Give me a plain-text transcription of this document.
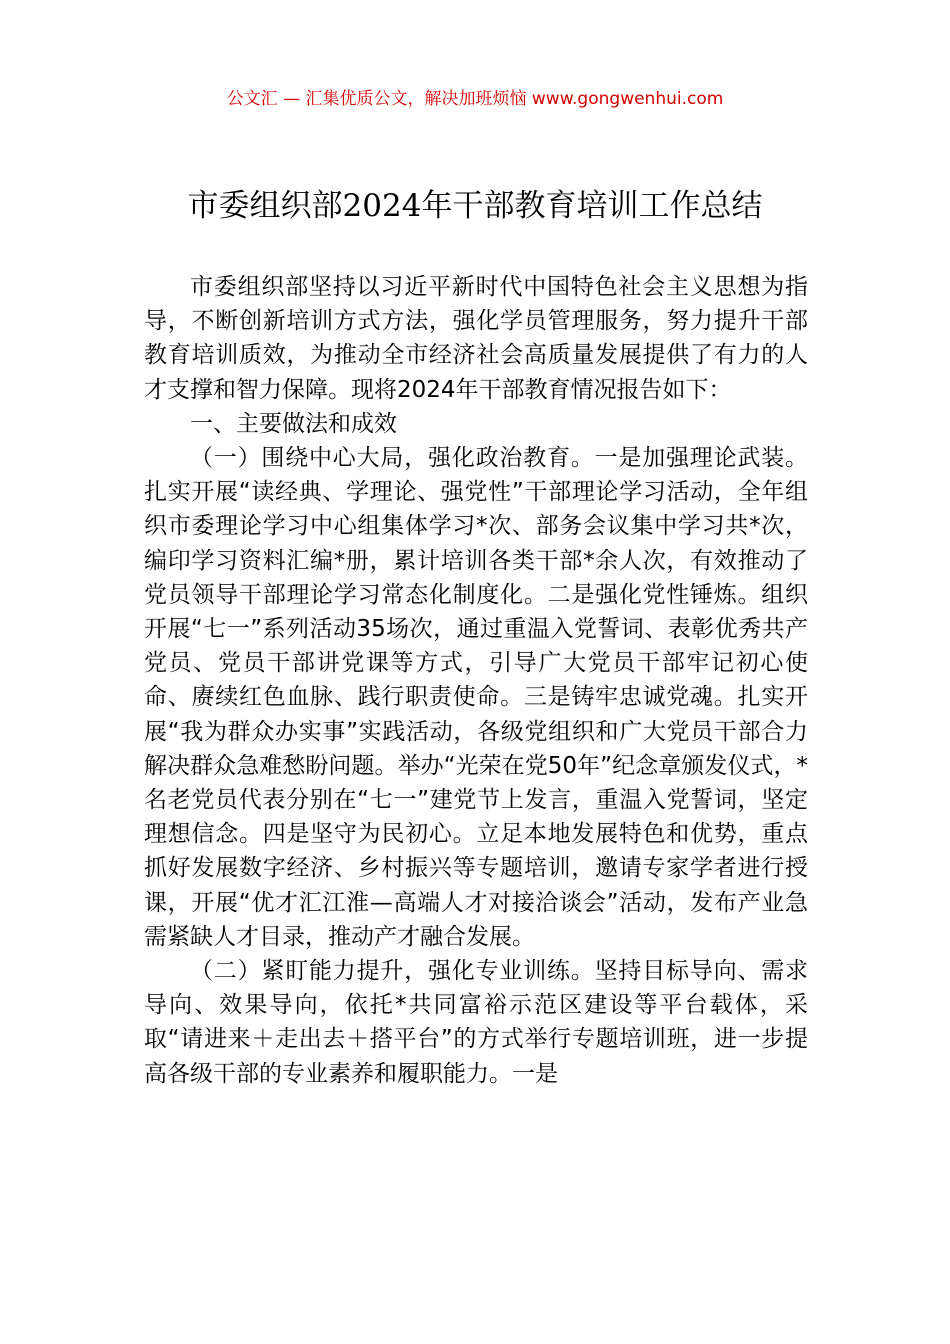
公文汇 — 汇集优质公文，解决加班烦恼 www.gongwenhui.com
市委组织部2024年干部教育培训工作总结

市委组织部坚持以习近平新时代中国特色社会主义思想为指导，不断创新培训方式方法，强化学员管理服务，努力提升干部教育培训质效，为推动全市经济社会高质量发展提供了有力的人才支撑和智力保障。现将2024年干部教育情况报告如下：

一、主要做法和成效

（一）围绕中心大局，强化政治教育。一是加强理论武装。扎实开展“读经典、学理论、强党性”干部理论学习活动，全年组织市委理论学习中心组集体学习*次、部务会议集中学习共*次，编印学习资料汇编*册，累计培训各类干部*余人次，有效推动了党员领导干部理论学习常态化制度化。二是强化党性锤炼。组织开展“七一”系列活动35场次，通过重温入党誓词、表彰优秀共产党员、党员干部讲党课等方式，引导广大党员干部牢记初心使命、赓续红色血脉、践行职责使命。三是铸牢忠诚党魂。扎实开展“我为群众办实事”实践活动，各级党组织和广大党员干部合力解决群众急难愁盼问题。举办“光荣在党50年”纪念章颁发仪式，*名老党员代表分别在“七一”建党节上发言，重温入党誓词，坚定理想信念。四是坚守为民初心。立足本地发展特色和优势，重点抓好发展数字经济、乡村振兴等专题培训，邀请专家学者进行授课，开展“优才汇江淮—高端人才对接洽谈会”活动，发布产业急需紧缺人才目录，推动产才融合发展。

（二）紧盯能力提升，强化专业训练。坚持目标导向、需求导向、效果导向，依托*共同富裕示范区建设等平台载体，采取“请进来＋走出去＋搭平台”的方式举行专题培训班，进一步提高各级干部的专业素养和履职能力。一是
